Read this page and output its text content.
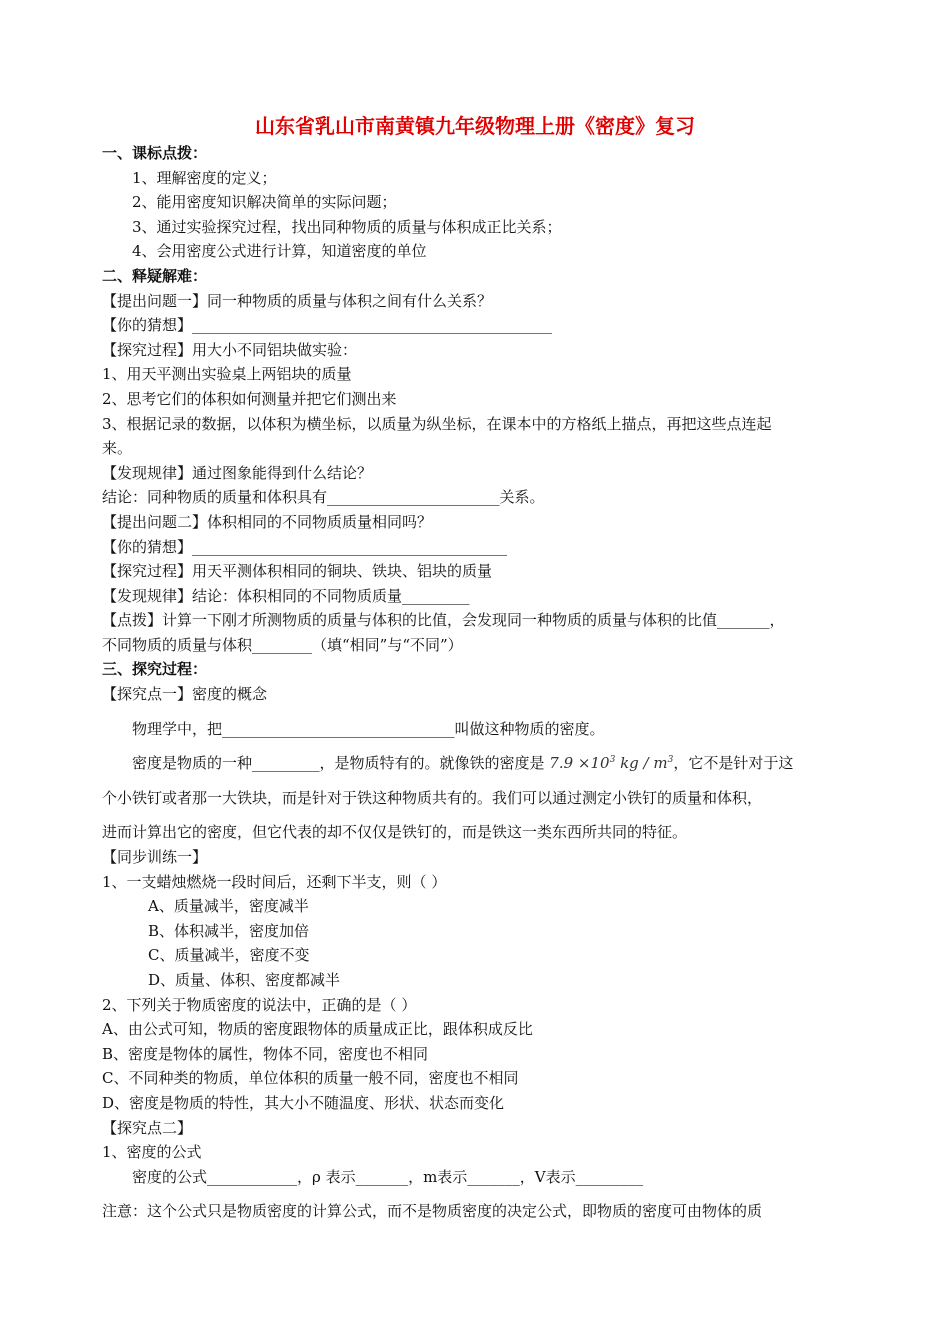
山东省乳山市南黄镇九年级物理上册《密度》复习
一、课标点拨：
1、理解密度的定义；
2、能用密度知识解决简单的实际问题；
3、通过实验探究过程，找出同种物质的质量与体积成正比关系；
4、会用密度公式进行计算，知道密度的单位
二、释疑解难：
【提出问题一】同一种物质的质量与体积之间有什么关系？
【你的猜想】________________________________________________
【探究过程】用大小不同铝块做实验：
1、用天平测出实验桌上两铝块的质量
2、思考它们的体积如何测量并把它们测出来
3、根据记录的数据，以体积为横坐标，以质量为纵坐标，在课本中的方格纸上描点，再把这些点连起
来。
【发现规律】通过图象能得到什么结论？
结论：同种物质的质量和体积具有_______________________关系。
【提出问题二】体积相同的不同物质质量相同吗？
【你的猜想】__________________________________________
【探究过程】用天平测体积相同的铜块、铁块、铝块的质量
【发现规律】结论：体积相同的不同物质质量_________
【点拨】计算一下刚才所测物质的质量与体积的比值，会发现同一种物质的质量与体积的比值_______，
不同物质的质量与体积________（填“相同”与“不同”）
三、探究过程：
【探究点一】密度的概念
物理学中，把_______________________________叫做这种物质的密度。
密度是物质的一种_________，是物质特有的。就像铁的密度是 $7.9 \times 10^3$ kg / $m^3$，它不是针对于这
个小铁钉或者那一大铁块，而是针对于铁这种物质共有的。我们可以通过测定小铁钉的质量和体积，
进而计算出它的密度，但它代表的却不仅仅是铁钉的，而是铁这一类东西所共同的特征。
【同步训练一】
1、一支蜡烛燃烧一段时间后，还剩下半支，则（ ）
A、质量减半，密度减半
B、体积减半，密度加倍
C、质量减半，密度不变
D、质量、体积、密度都减半
2、下列关于物质密度的说法中，正确的是（ ）
A、由公式可知，物质的密度跟物体的质量成正比，跟体积成反比
B、密度是物体的属性，物体不同，密度也不相同
C、不同种类的物质，单位体积的质量一般不同，密度也不相同
D、密度是物质的特性，其大小不随温度、形状、状态而变化
【探究点二】
1、密度的公式
密度的公式____________，ρ 表示_______，m表示_______，V表示_________
注意：这个公式只是物质密度的计算公式，而不是物质密度的决定公式，即物质的密度可由物体的质
